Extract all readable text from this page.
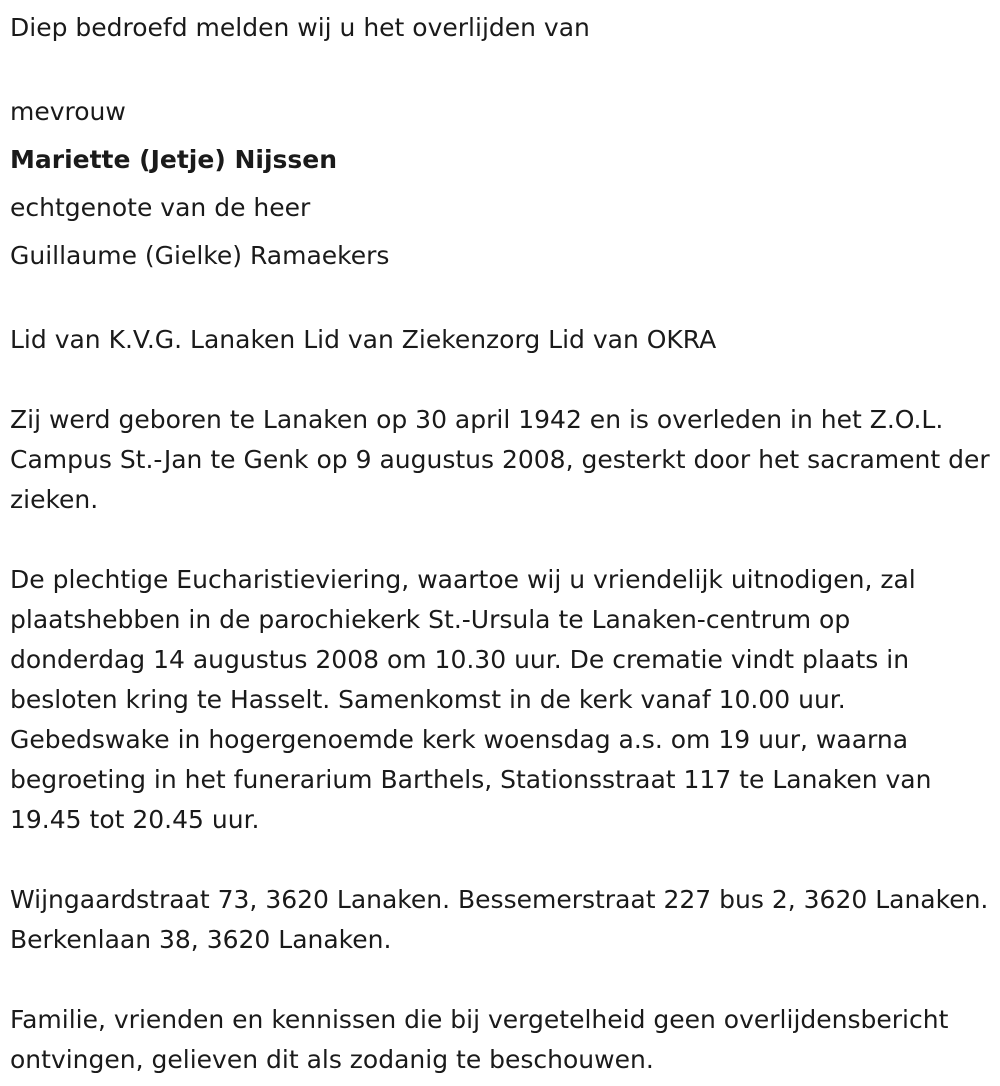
Diep bedroefd melden wij u het overlijden van

mevrouw

Mariette (Jetje) Nijssen

echtgenote van de heer

Guillaume (Gielke) Ramaekers

Lid van K.V.G. Lanaken Lid van Ziekenzorg Lid van OKRA

Zij werd geboren te Lanaken op 30 april 1942 en is overleden in het Z.O.L. Campus St.-Jan te Genk op 9 augustus 2008, gesterkt door het sacrament der zieken.

De plechtige Eucharistieviering, waartoe wij u vriendelijk uitnodigen, zal plaatshebben in de parochiekerk St.-Ursula te Lanaken-centrum op donderdag 14 augustus 2008 om 10.30 uur. De crematie vindt plaats in besloten kring te Hasselt. Samenkomst in de kerk vanaf 10.00 uur. Gebedswake in hogergenoemde kerk woensdag a.s. om 19 uur, waarna begroeting in het funerarium Barthels, Stationsstraat 117 te Lanaken van 19.45 tot 20.45 uur.

Wijngaardstraat 73, 3620 Lanaken. Bessemerstraat 227 bus 2, 3620 Lanaken. Berkenlaan 38, 3620 Lanaken.

Familie, vrienden en kennissen die bij vergetelheid geen overlijdensbericht ontvingen, gelieven dit als zodanig te beschouwen.
